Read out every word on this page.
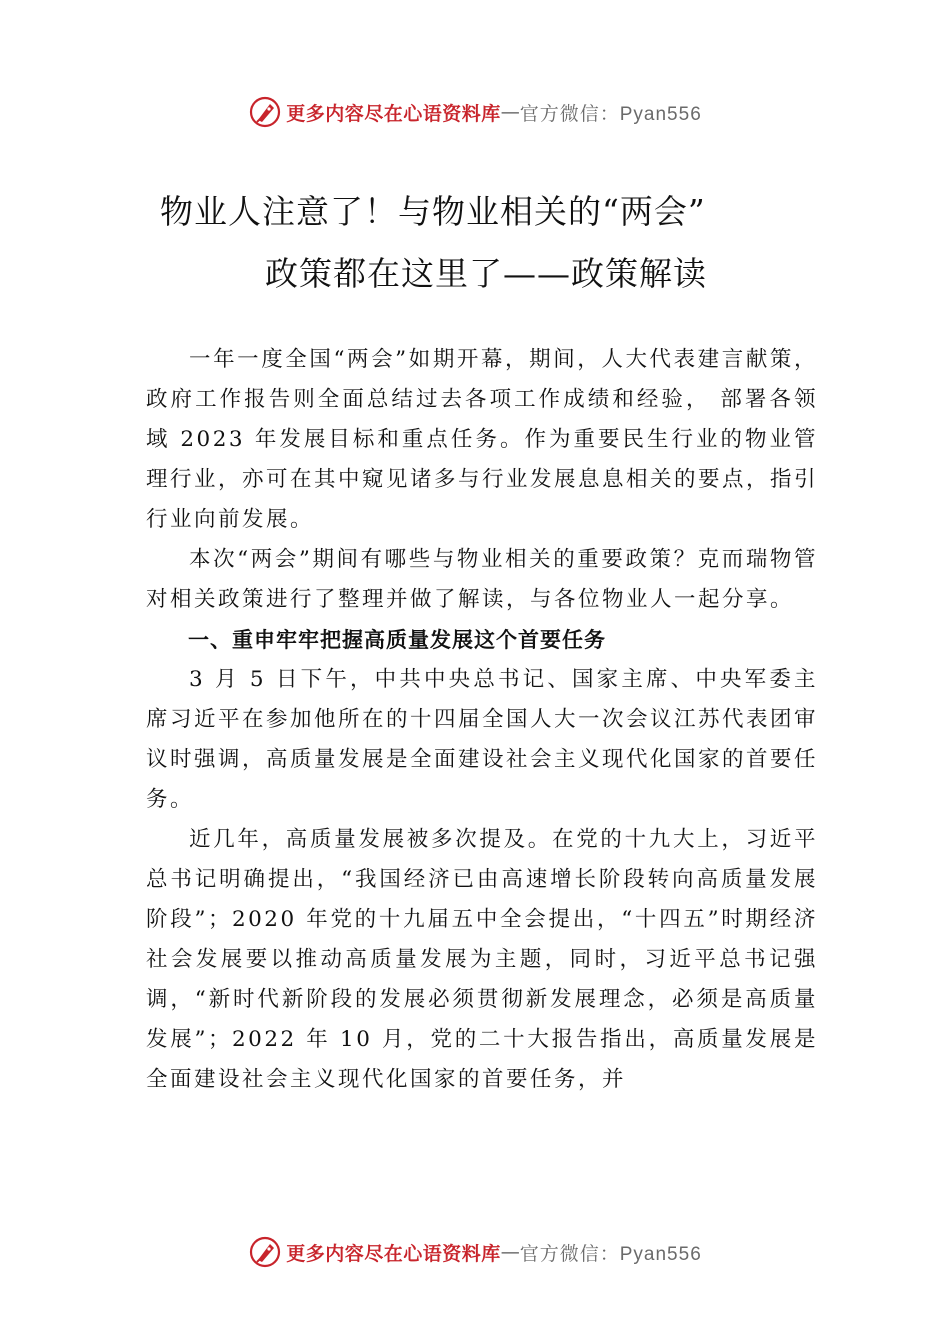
更多内容尽在心语资料库 — 官方微信：Pyan556
物业人注意了！与物业相关的“两会”
政策都在这里了——政策解读

一年一度全国“两会”如期开幕，期间，人大代表建言献策，政府工作报告则全面总结过去各项工作成绩和经验， 部署各领域 2023 年发展目标和重点任务。作为重要民生行业的物业管理行业，亦可在其中窥见诸多与行业发展息息相关的要点，指引行业向前发展。

本次“两会”期间有哪些与物业相关的重要政策？克而瑞物管对相关政策进行了整理并做了解读，与各位物业人一起分享。

一、重申牢牢把握高质量发展这个首要任务

3 月 5 日下午，中共中央总书记、国家主席、中央军委主席习近平在参加他所在的十四届全国人大一次会议江苏代表团审议时强调，高质量发展是全面建设社会主义现代化国家的首要任务。

近几年，高质量发展被多次提及。在党的十九大上，习近平总书记明确提出，“我国经济已由高速增长阶段转向高质量发展阶段”；2020 年党的十九届五中全会提出，“十四五”时期经济社会发展要以推动高质量发展为主题，同时，习近平总书记强调，“新时代新阶段的发展必须贯彻新发展理念，必须是高质量发展”；2022 年 10 月，党的二十大报告指出，高质量发展是全面建设社会主义现代化国家的首要任务，并

更多内容尽在心语资料库 — 官方微信：Pyan556
